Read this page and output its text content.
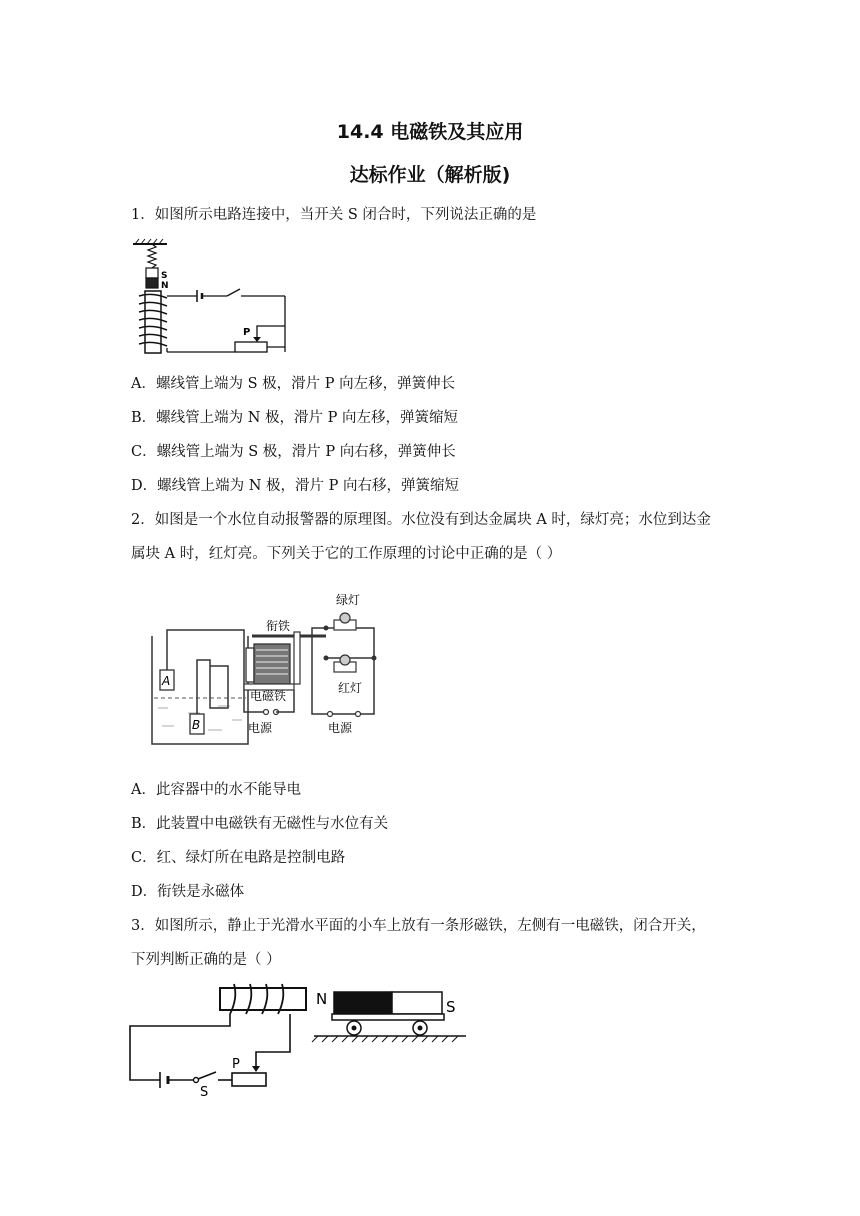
14.4 电磁铁及其应用
达标作业（解析版)
1．如图所示电路连接中，当开关 S 闭合时，下列说法正确的是
S
N
P
A．螺线管上端为 S 极，滑片 P 向左移，弹簧伸长
B．螺线管上端为 N 极，滑片 P 向左移，弹簧缩短
C．螺线管上端为 S 极，滑片 P 向右移，弹簧伸长
D．螺线管上端为 N 极，滑片 P 向右移，弹簧缩短
2．如图是一个水位自动报警器的原理图。水位没有到达金属块 A 时，绿灯亮；水位到达金
属块 A 时，红灯亮。下列关于它的工作原理的讨论中正确的是（ ）
A
B
电磁铁
衔铁
电源
绿灯
红灯
电源
A．此容器中的水不能导电
B．此装置中电磁铁有无磁性与水位有关
C．红、绿灯所在电路是控制电路
D．衔铁是永磁体
3．如图所示，静止于光滑水平面的小车上放有一条形磁铁，左侧有一电磁铁，闭合开关，
下列判断正确的是（ ）
S
P
N	S
